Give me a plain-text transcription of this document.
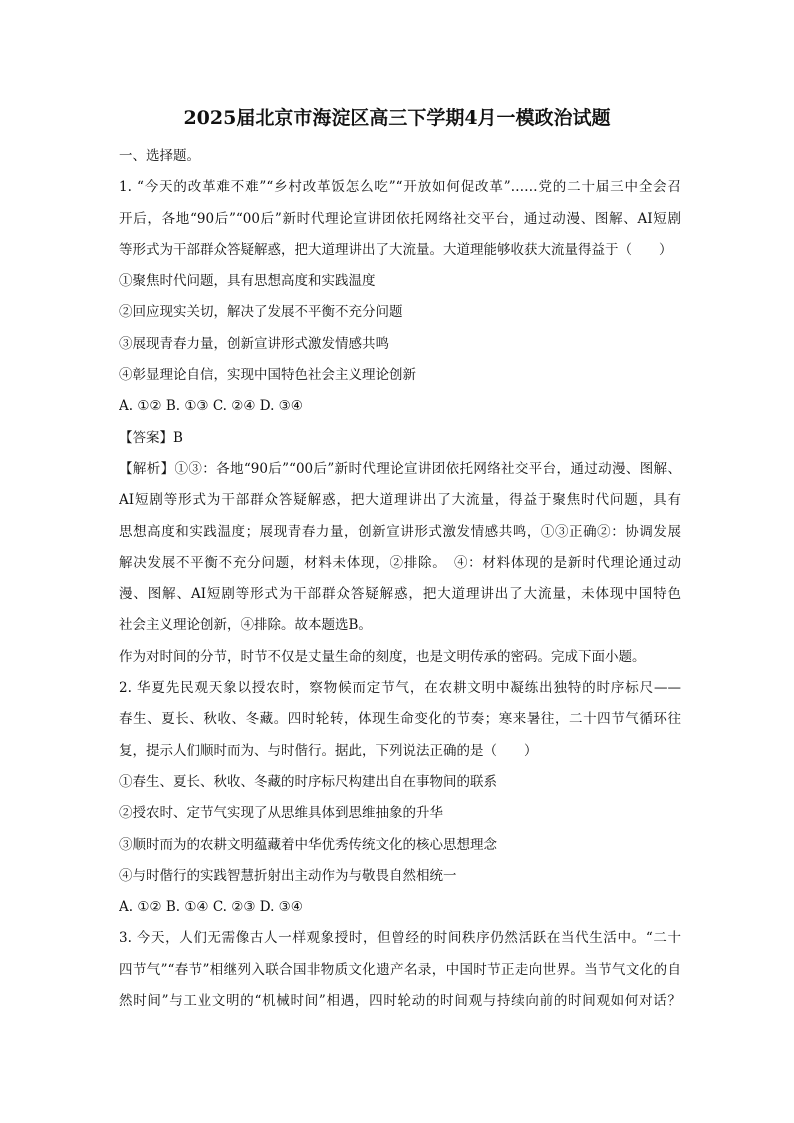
2025届北京市海淀区高三下学期4月一模政治试题
一、选择题。
1. “今天的改革难不难”“乡村改革饭怎么吃”“开放如何促改革”……党的二十届三中全会召
开后，各地“90后”“00后”新时代理论宣讲团依托网络社交平台，通过动漫、图解、AI短剧
等形式为干部群众答疑解惑，把大道理讲出了大流量。大道理能够收获大流量得益于（　　）
①聚焦时代问题，具有思想高度和实践温度
②回应现实关切，解决了发展不平衡不充分问题
③展现青春力量，创新宣讲形式激发情感共鸣
④彰显理论自信，实现中国特色社会主义理论创新
A. ①② B. ①③ C. ②④ D. ③④
【答案】B
【解析】①③：各地“90后”“00后”新时代理论宣讲团依托网络社交平台，通过动漫、图解、
AI短剧等形式为干部群众答疑解惑，把大道理讲出了大流量，得益于聚焦时代问题，具有
思想高度和实践温度；展现青春力量，创新宣讲形式激发情感共鸣，①③正确②：协调发展
解决发展不平衡不充分问题，材料未体现，②排除。　④：材料体现的是新时代理论通过动
漫、图解、AI短剧等形式为干部群众答疑解惑，把大道理讲出了大流量，未体现中国特色
社会主义理论创新，④排除。故本题选B。
作为对时间的分节，时节不仅是丈量生命的刻度，也是文明传承的密码。完成下面小题。
2. 华夏先民观天象以授农时，察物候而定节气，在农耕文明中凝练出独特的时序标尺——
春生、夏长、秋收、冬藏。四时轮转，体现生命变化的节奏；寒来暑往，二十四节气循环往
复，提示人们顺时而为、与时偕行。据此，下列说法正确的是（　　）
①春生、夏长、秋收、冬藏的时序标尺构建出自在事物间的联系
②授农时、定节气实现了从思维具体到思维抽象的升华
③顺时而为的农耕文明蕴藏着中华优秀传统文化的核心思想理念
④与时偕行的实践智慧折射出主动作为与敬畏自然相统一
A. ①② B. ①④ C. ②③ D. ③④
3. 今天，人们无需像古人一样观象授时，但曾经的时间秩序仍然活跃在当代生活中。“二十
四节气”“春节”相继列入联合国非物质文化遗产名录，中国时节正走向世界。当节气文化的自
然时间”与工业文明的“机械时间”相遇，四时轮动的时间观与持续向前的时间观如何对话？
